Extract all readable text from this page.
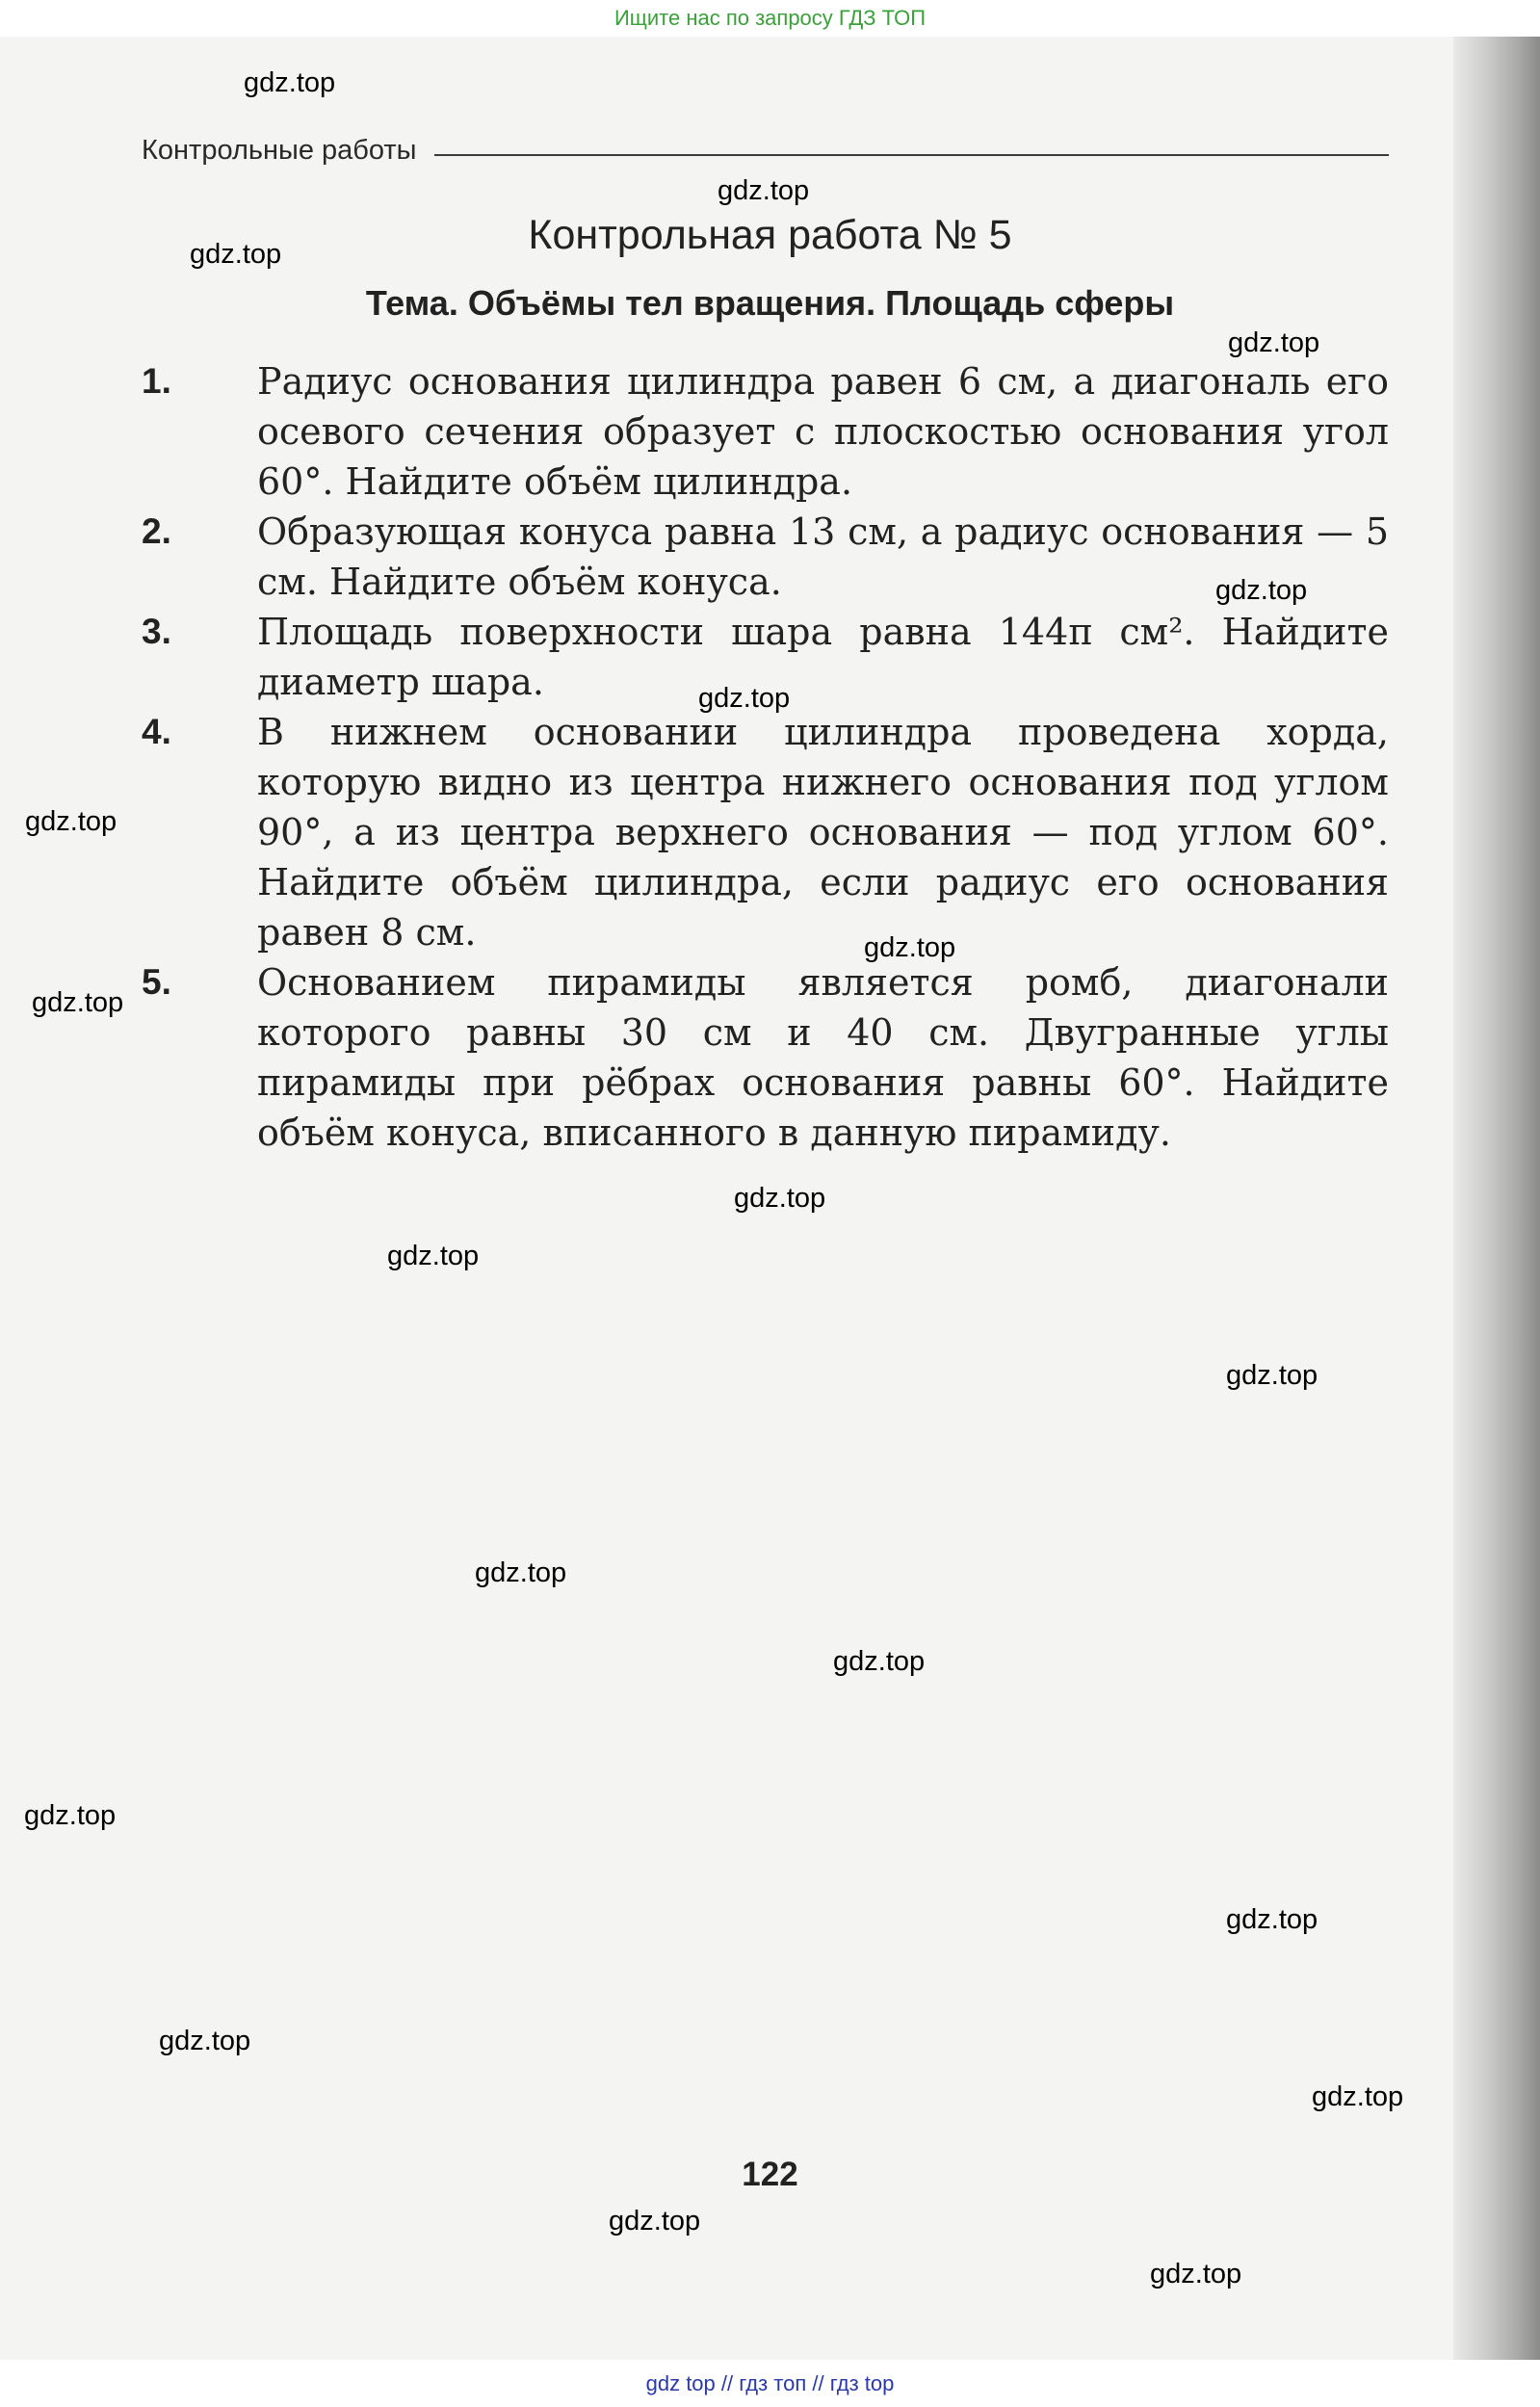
Ищите нас по запросу ГДЗ ТОП
Контрольные работы
Контрольная работа № 5
Тема. Объёмы тел вращения. Площадь сферы
1. Радиус основания цилиндра равен 6 см, а диагональ его осевого сечения образует с плоскостью основания угол 60°. Найдите объём цилиндра.
2. Образующая конуса равна 13 см, а радиус основания — 5 см. Найдите объём конуса.
3. Площадь поверхности шара равна 144π см². Найдите диаметр шара.
4. В нижнем основании цилиндра проведена хорда, которую видно из центра нижнего основания под углом 90°, а из центра верхнего основания — под углом 60°. Найдите объём цилиндра, если радиус его основания равен 8 см.
5. Основанием пирамиды является ромб, диагонали которого равны 30 см и 40 см. Двугранные углы пирамиды при рёбрах основания равны 60°. Найдите объём конуса, вписанного в данную пирамиду.
122
gdz.top
gdz.top
gdz.top
gdz.top
gdz.top
gdz.top
gdz.top
gdz.top
gdz.top
gdz.top
gdz.top
gdz.top
gdz.top
gdz.top
gdz.top
gdz.top
gdz.top
gdz.top
gdz.top
gdz.top
gdz top // гдз топ // гдз top
